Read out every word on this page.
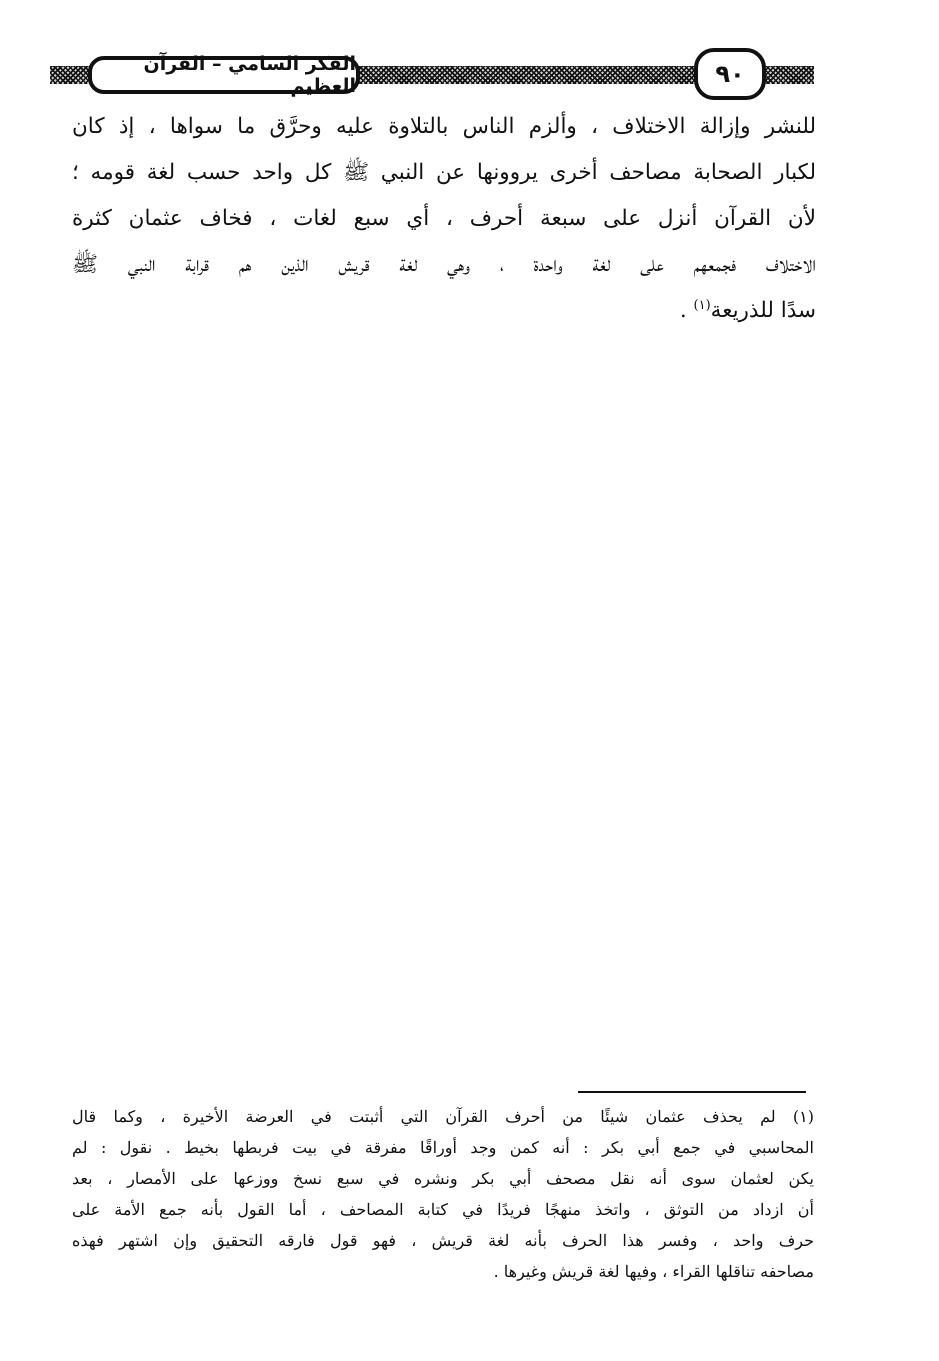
الفكر السامي – القرآن العظيم	٩٠
للنشر وإزالة الاختلاف ، وألزم الناس بالتلاوة عليه وحرَّق ما سواها ، إذ كان
لكبار الصحابة مصاحف أخرى يروونها عن النبي ﷺ كل واحد حسب لغة قومه ؛
لأن القرآن أنزل على سبعة أحرف ، أي سبع لغات ، فخاف عثمان كثرة
الاختلاف فجمعهم على لغة واحدة ، وهي لغة قريش الذين هم قرابة النبي ﷺ
سدًا للذريعة$^{(١)}$ .
(١) لم يحذف عثمان شيئًا من أحرف القرآن التي أثبتت في العرضة الأخيرة ، وكما قال
المحاسبي في جمع أبي بكر : أنه كمن وجد أوراقًا مفرقة في بيت فربطها بخيط . نقول : لم
يكن لعثمان سوى أنه نقل مصحف أبي بكر ونشره في سبع نسخ ووزعها على الأمصار ، بعد
أن ازداد من التوثق ، واتخذ منهجًا فريدًا في كتابة المصاحف ، أما القول بأنه جمع الأمة على
حرف واحد ، وفسر هذا الحرف بأنه لغة قريش ، فهو قول فارقه التحقيق وإن اشتهر فهذه
مصاحفه تناقلها القراء ، وفيها لغة قريش وغيرها .
